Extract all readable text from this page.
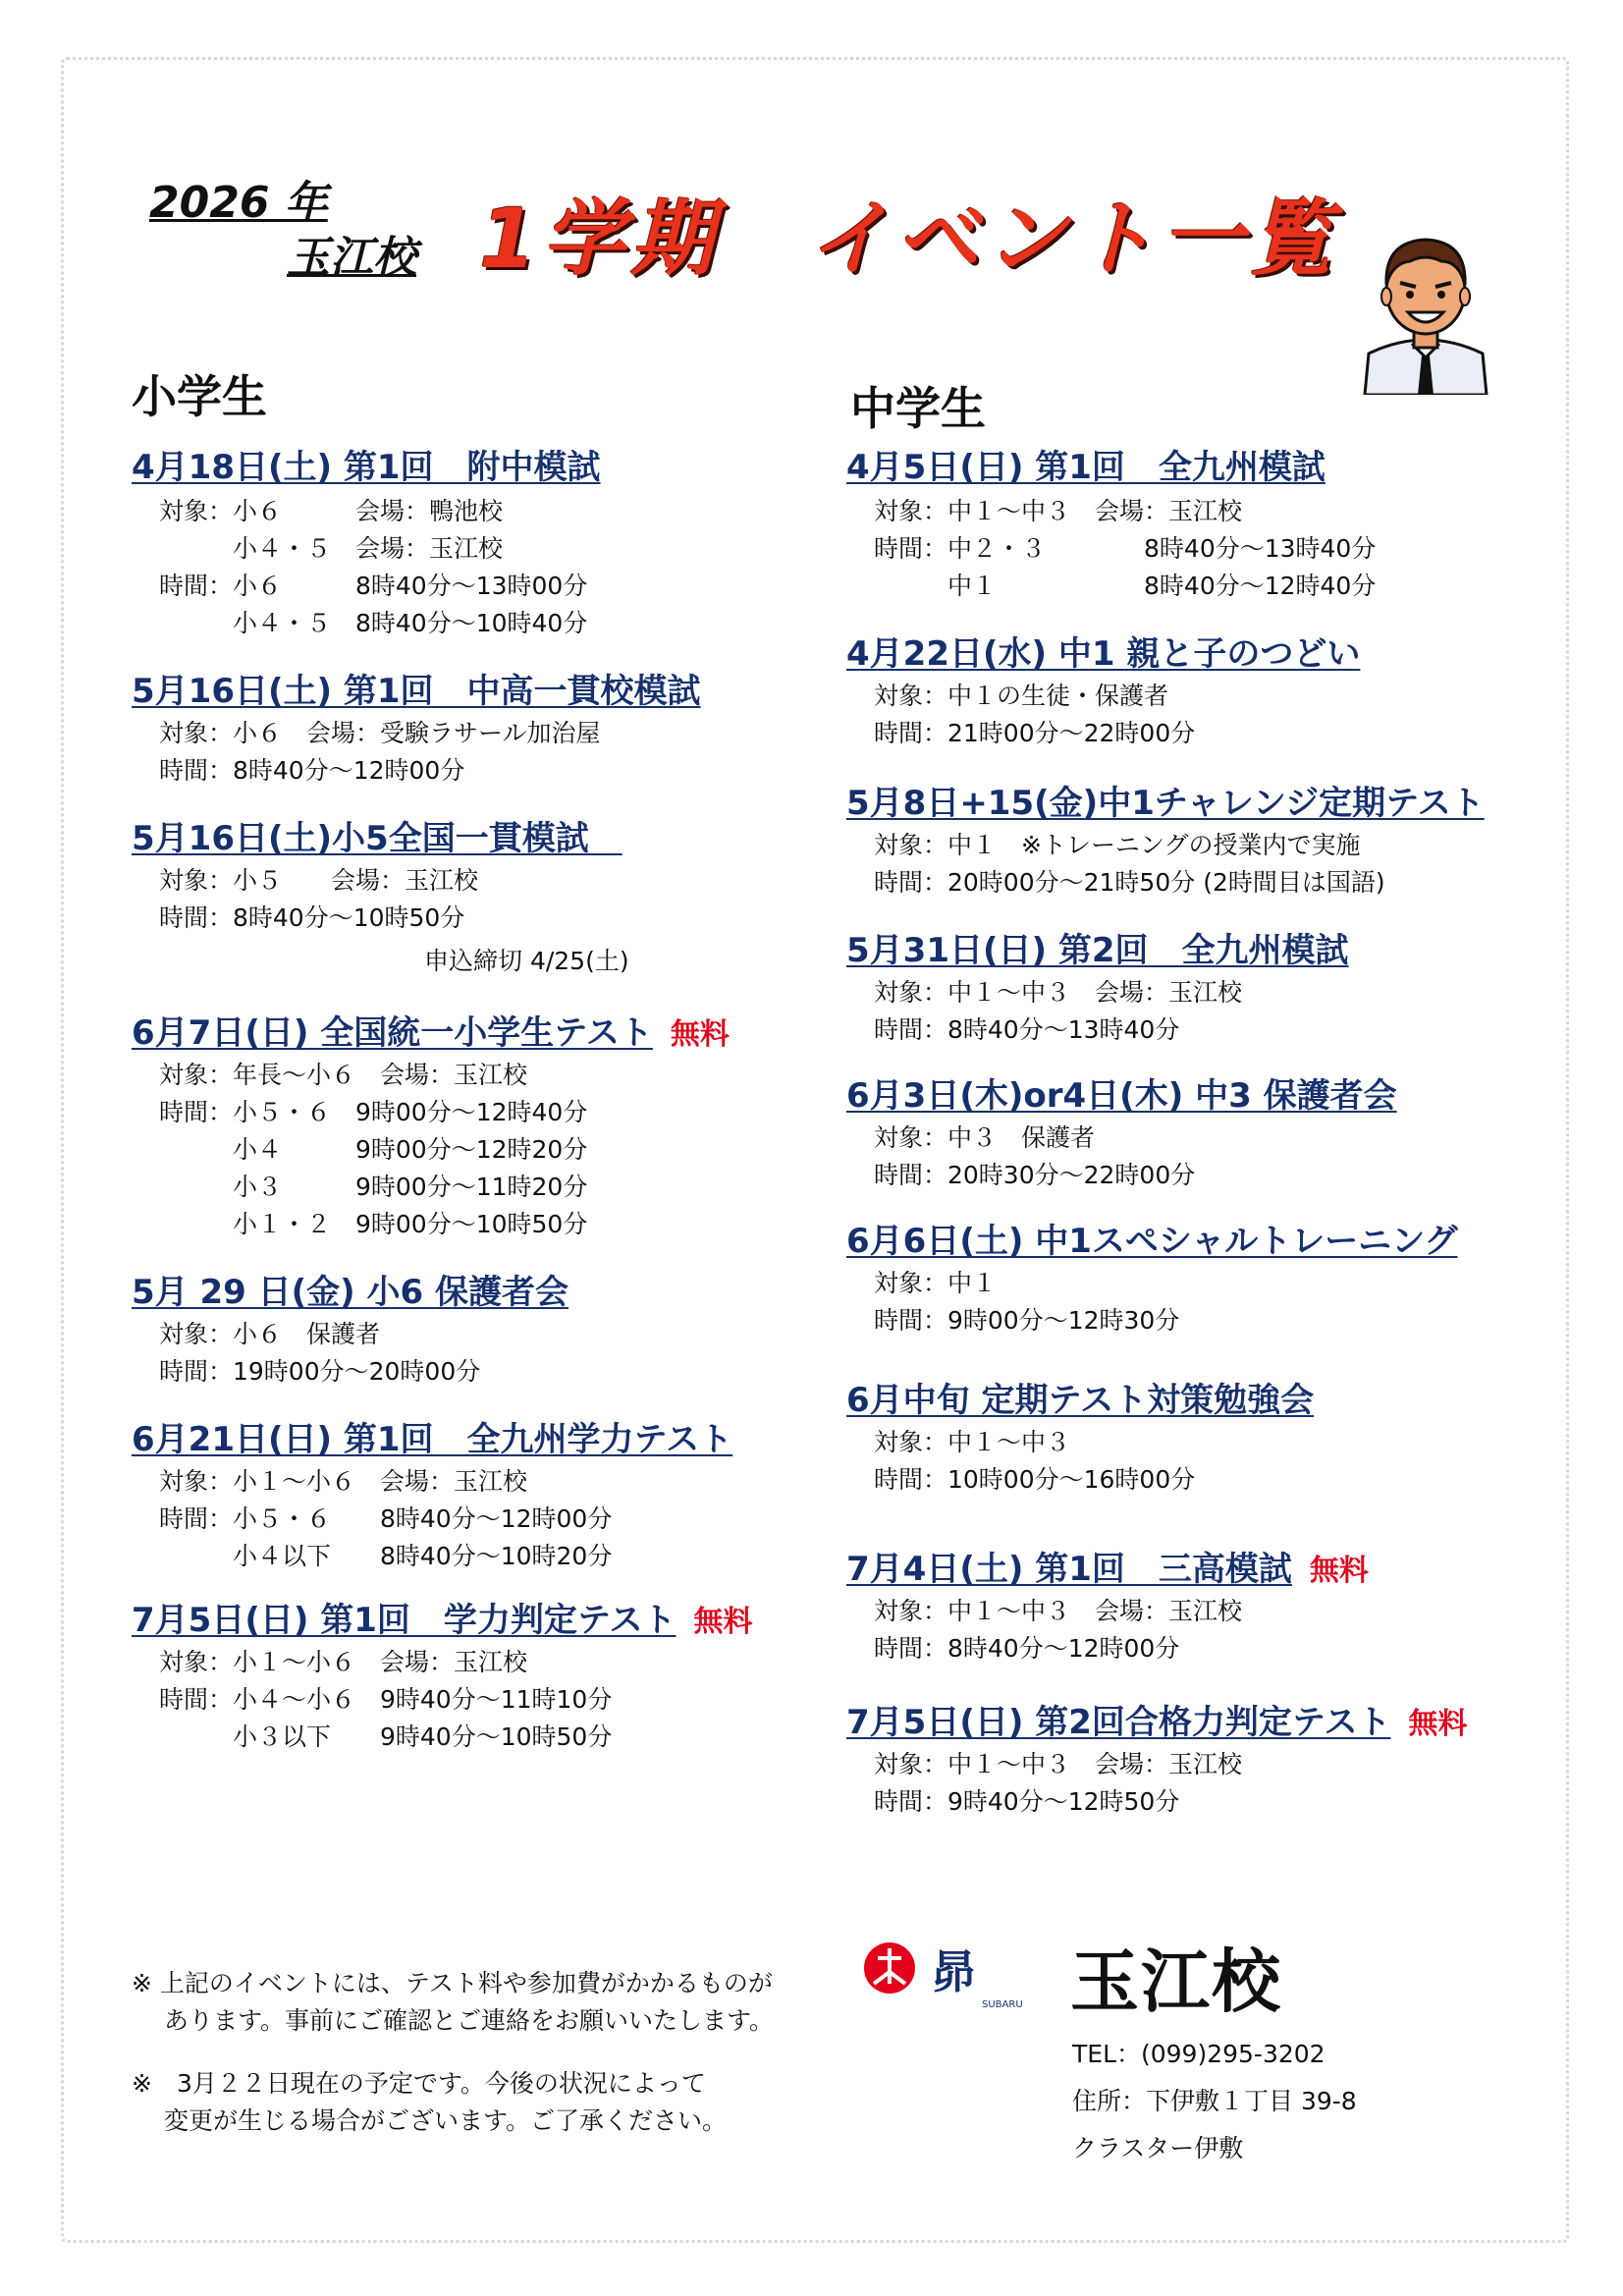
2026 年
玉江校 1学期　イベント一覧
小学生
4月18日(土) 第1回　附中模試

対象：小６　　　会場：鴨池校

　　　小４・５　会場：玉江校

時間：小６　　　8時40分～13時00分

　　　小４・５　8時40分～10時40分

5月16日(土) 第1回　中高一貫校模試

対象：小６　会場：受験ラサール加治屋

時間：8時40分～12時00分

5月16日(土)小5全国一貫模試　

対象：小５　　会場：玉江校

時間：8時40分～10時50分

申込締切 4/25(土)

6月7日(日) 全国統一小学生テスト 無料

対象：年長～小６　会場：玉江校

時間：小５・６　9時00分～12時40分

　　　小４　　　9時00分～12時20分

　　　小３　　　9時00分～11時20分

　　　小１・２　9時00分～10時50分

5月 29 日(金) 小6 保護者会

対象：小６　保護者

時間：19時00分～20時00分

6月21日(日) 第1回　全九州学力テスト

対象：小１～小６　会場：玉江校

時間：小５・６　　8時40分～12時00分

　　　小４以下　　8時40分～10時20分

7月5日(日) 第1回　学力判定テスト 無料

対象：小１～小６　会場：玉江校

時間：小４～小６　9時40分～11時10分

　　　小３以下　　9時40分～10時50分

中学生
4月5日(日) 第1回　全九州模試

対象：中１～中３　会場：玉江校

時間：中２・３　　　　8時40分～13時40分

　　　中１　　　　　　8時40分～12時40分

4月22日(水) 中1 親と子のつどい

対象：中１の生徒・保護者

時間：21時00分～22時00分

5月8日+15(金)中1チャレンジ定期テスト

対象：中１　※トレーニングの授業内で実施

時間：20時00分～21時50分 (2時間目は国語)

5月31日(日) 第2回　全九州模試

対象：中１～中３　会場：玉江校

時間：8時40分～13時40分

6月3日(木)or4日(木) 中3 保護者会

対象：中３　保護者

時間：20時30分～22時00分

6月6日(土) 中1スペシャルトレーニング

対象：中１

時間：9時00分～12時30分

6月中旬 定期テスト対策勉強会

対象：中１～中３

時間：10時00分～16時00分

7月4日(土) 第1回　三高模試 無料

対象：中１～中３　会場：玉江校

時間：8時40分～12時00分

7月5日(日) 第2回合格力判定テスト 無料

対象：中１～中３　会場：玉江校

時間：9時40分～12時50分

※ 上記のイベントには、テスト料や参加費がかかるものが

　 あります。事前にご確認とご連絡をお願いいたします。

※　3月２２日現在の予定です。今後の状況によって

　 変更が生じる場合がございます。ご了承ください。

昴
SUBARU 玉江校

TEL：(099)295-3202

住所：下伊敷１丁目 39-8

クラスター伊敷
